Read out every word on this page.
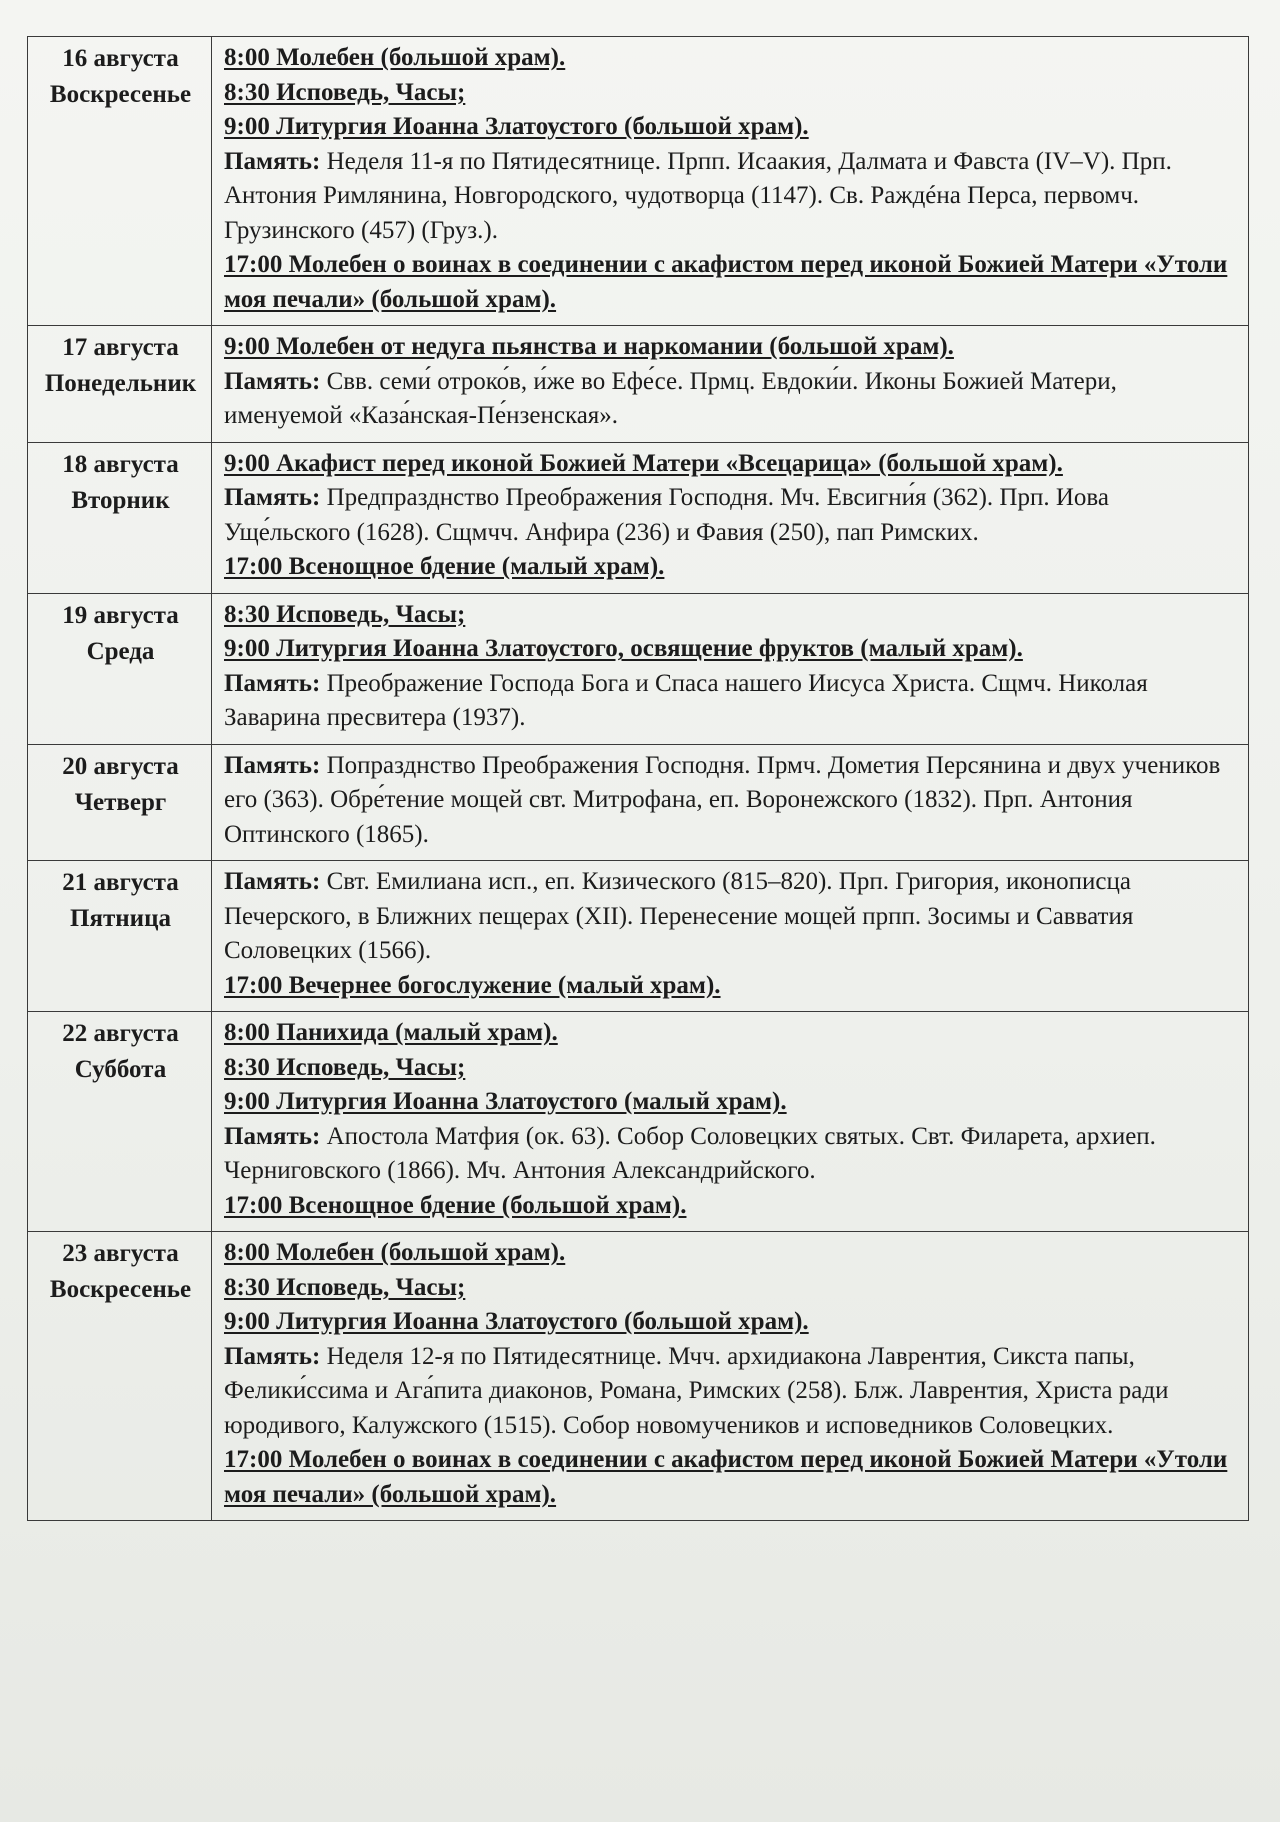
16 августа
Воскресенье	8:00 Молебен (большой храм).
8:30 Исповедь, Часы;
9:00 Литургия Иоанна Златоустого (большой храм).
Память: Неделя 11-я по Пятидесятнице. Прпп. Исаакия, Далмата и Фавста (IV–V). Прп. Антония Римлянина, Новгородского, чудотворца (1147). Св. Раждéна Перса, первомч. Грузинского (457) (Груз.).
17:00 Молебен о воинах в соединении с акафистом перед иконой Божией Матери «Утоли моя печали» (большой храм).

17 августа
Понедельник	9:00 Молебен от недуга пьянства и наркомании (большой храм).
Память: Свв. семи́ отроко́в, и́же во Ефе́се. Прмц. Евдоки́и. Иконы Божией Матери, именуемой «Каза́нская-Пе́нзенская».

18 августа
Вторник	9:00 Акафист перед иконой Божией Матери «Всецарица» (большой храм).
Память: Предпразднство Преображения Господня. Мч. Евсигни́я (362). Прп. Иова Уще́льского (1628). Сщмчч. Анфира (236) и Фавия (250), пап Римских.
17:00 Всенощное бдение (малый храм).

19 августа
Среда	8:30 Исповедь, Часы;
9:00 Литургия Иоанна Златоустого, освящение фруктов (малый храм).
Память: Преображение Господа Бога и Спаса нашего Иисуса Христа. Сщмч. Николая Заварина пресвитера (1937).

20 августа
Четверг	Память: Попразднство Преображения Господня. Прмч. Дометия Персянина и двух учеников его (363). Обре́тение мощей свт. Митрофана, еп. Воронежского (1832). Прп. Антония Оптинского (1865).

21 августа
Пятница	Память: Свт. Емилиана исп., еп. Кизического (815–820). Прп. Григория, иконописца Печерского, в Ближних пещерах (XII). Перенесение мощей прпп. Зосимы и Савватия Соловецких (1566).
17:00 Вечернее богослужение (малый храм).

22 августа
Суббота	8:00 Панихида (малый храм).
8:30 Исповедь, Часы;
9:00 Литургия Иоанна Златоустого (малый храм).
Память: Апостола Матфия (ок. 63). Собор Соловецких святых. Свт. Филарета, архиеп. Черниговского (1866). Мч. Антония Александрийского.
17:00 Всенощное бдение (большой храм).

23 августа
Воскресенье	8:00 Молебен (большой храм).
8:30 Исповедь, Часы;
9:00 Литургия Иоанна Златоустого (большой храм).
Память: Неделя 12-я по Пятидесятнице. Мчч. архидиакона Лаврентия, Сикста папы, Фелики́ссима и Ага́пита диаконов, Романа, Римских (258). Блж. Лаврентия, Христа ради юродивого, Калужского (1515). Собор новомучеников и исповедников Соловецких.
17:00 Молебен о воинах в соединении с акафистом перед иконой Божией Матери «Утоли моя печали» (большой храм).
